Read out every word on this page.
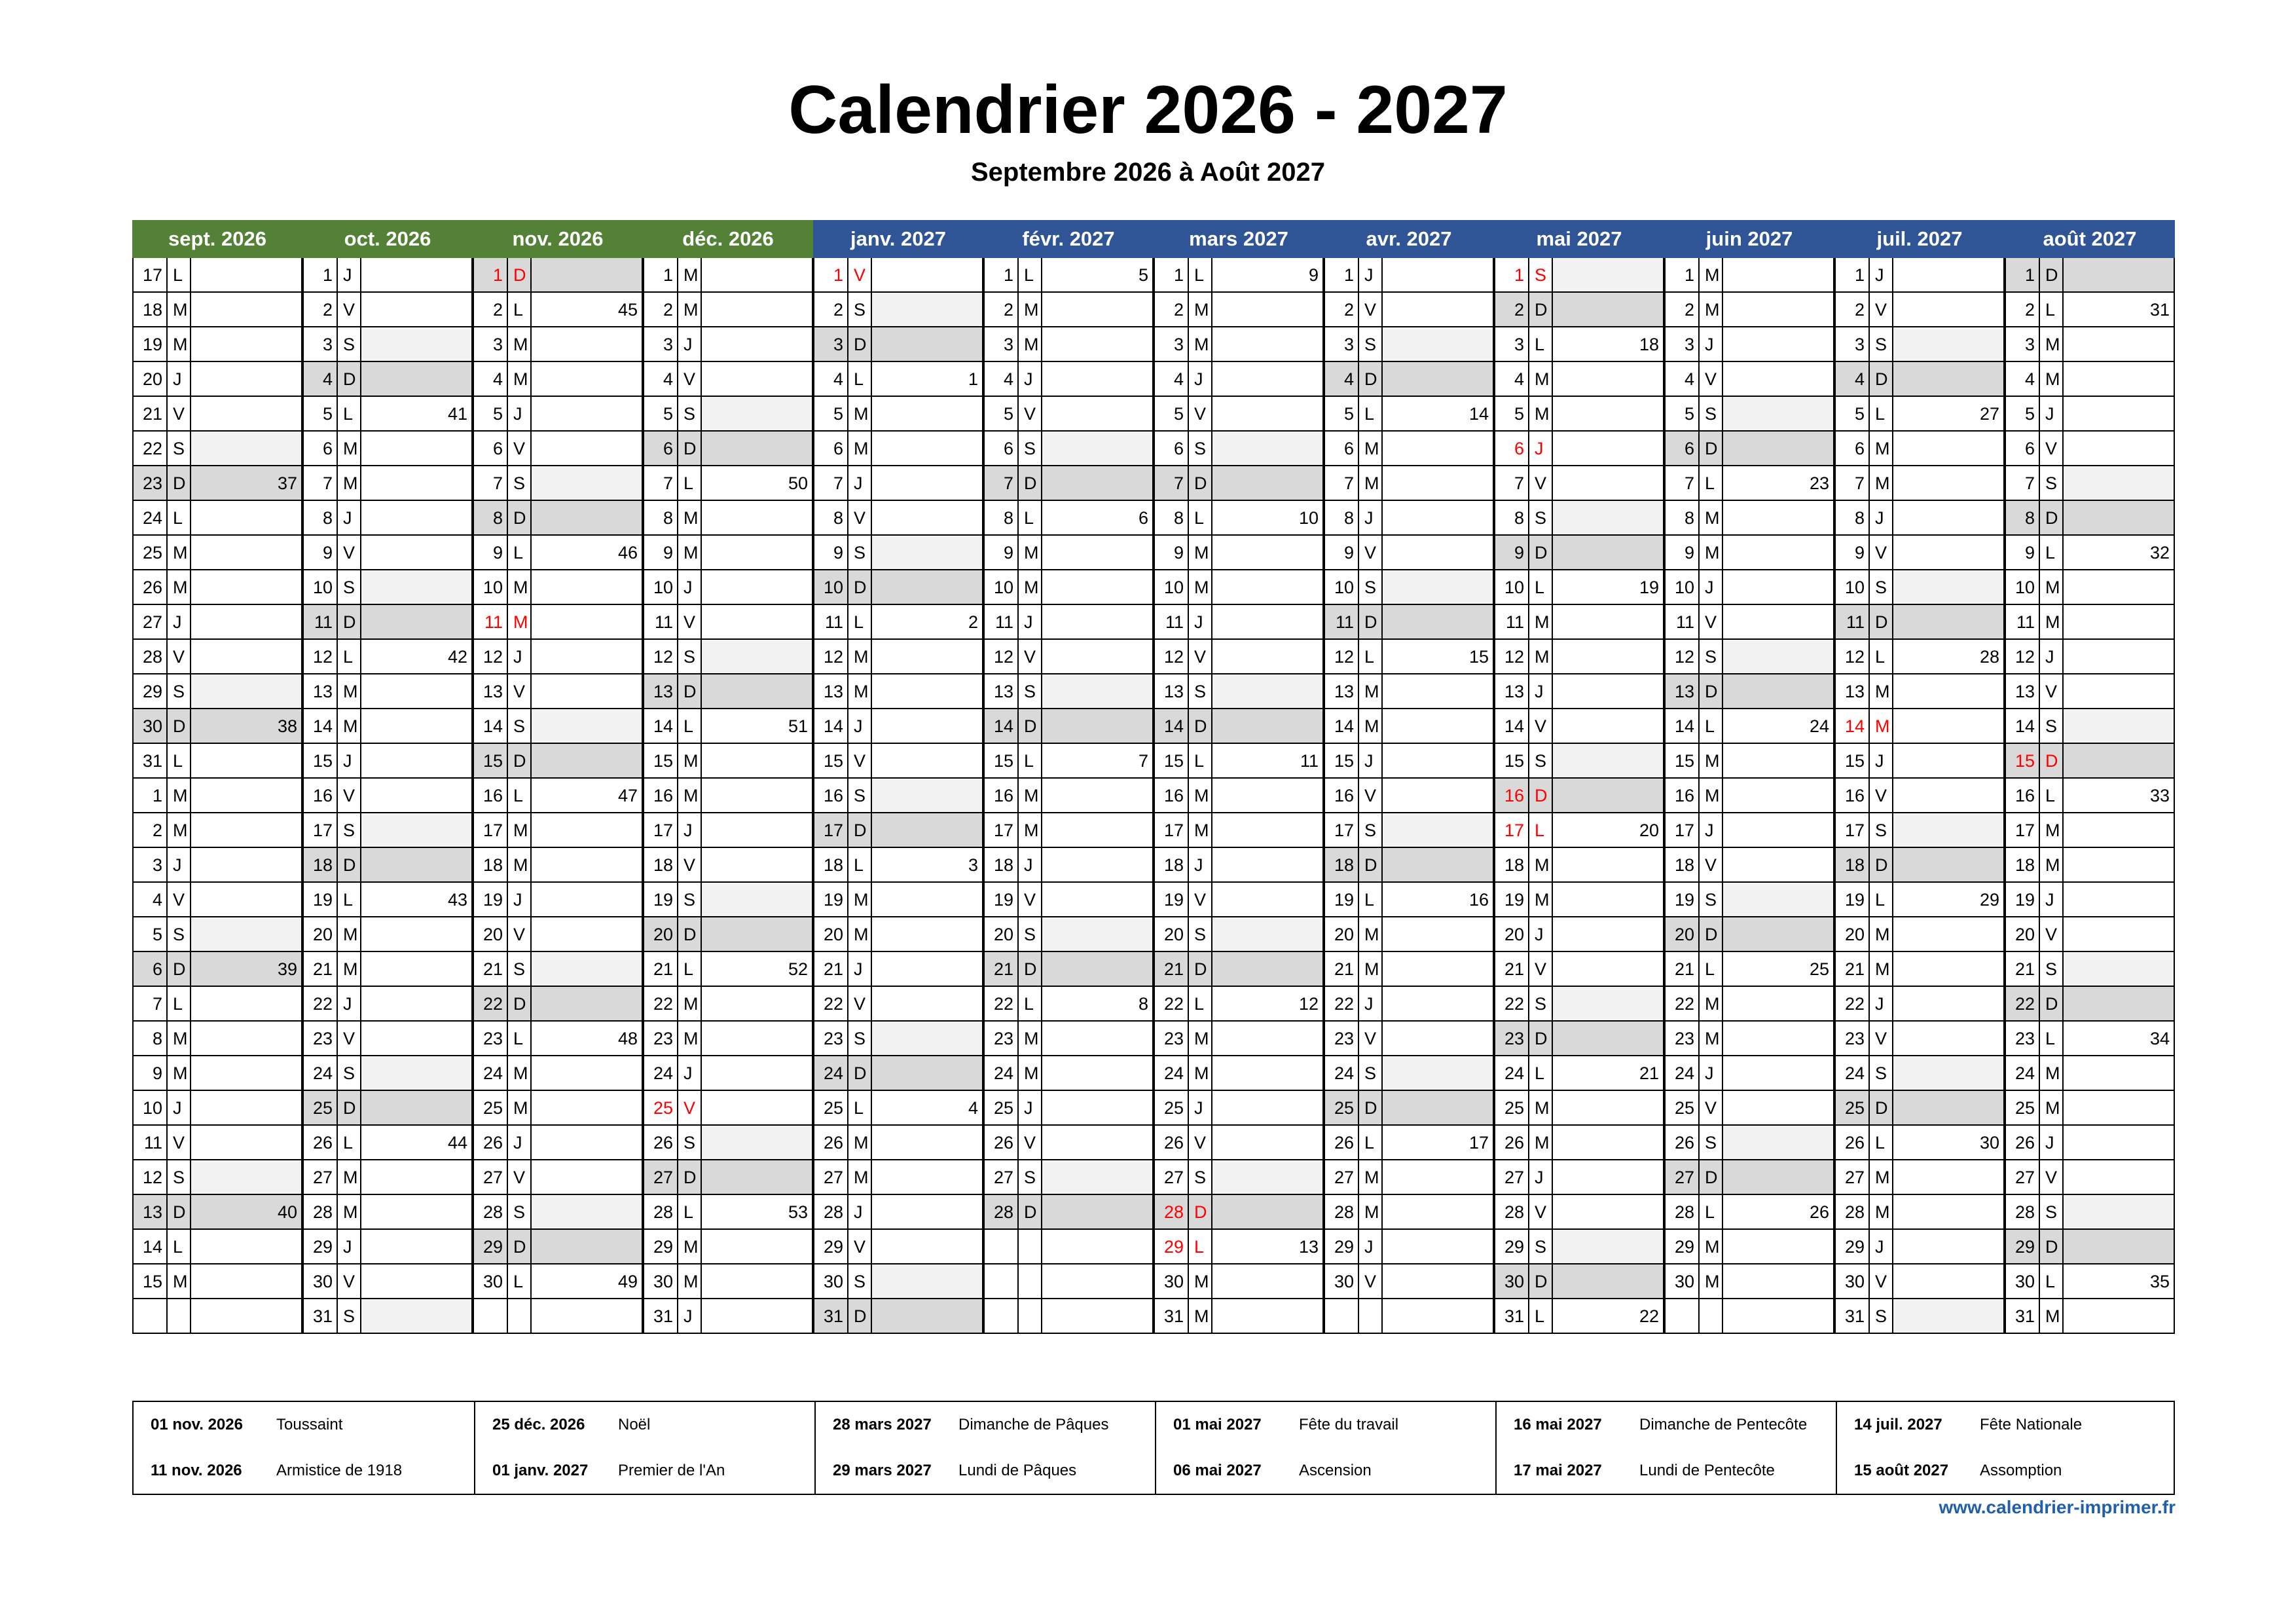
Calendrier 2026 - 2027
Septembre 2026 à Août 2027
sept. 2026
17 L
18 M
19 M
20 J
21 V
22 S
23 D	37
24 L
25 M
26 M
27 J
28 V
29 S
30 D	38
31 L
1 M
2 M
3 J
4 V
5 S
6 D	39
7 L
8 M
9 M
10 J
11 V
12 S
13 D	40
14 L
15 M
oct. 2026
1 J
2 V
3 S
4 D
5 L	41
6 M
7 M
8 J
9 V
10 S
11 D
12 L	42
13 M
14 M
15 J
16 V
17 S
18 D
19 L	43
20 M
21 M
22 J
23 V
24 S
25 D
26 L	44
27 M
28 M
29 J
30 V
31 S
nov. 2026
1 D
2 L	45
3 M
4 M
5 J
6 V
7 S
8 D
9 L	46
10 M
11 M
12 J
13 V
14 S
15 D
16 L	47
17 M
18 M
19 J
20 V
21 S
22 D
23 L	48
24 M
25 M
26 J
27 V
28 S
29 D
30 L	49
déc. 2026
1 M
2 M
3 J
4 V
5 S
6 D
7 L	50
8 M
9 M
10 J
11 V
12 S
13 D
14 L	51
15 M
16 M
17 J
18 V
19 S
20 D
21 L	52
22 M
23 M
24 J
25 V
26 S
27 D
28 L	53
29 M
30 M
31 J
janv. 2027
1 V
2 S
3 D
4 L	1
5 M
6 M
7 J
8 V
9 S
10 D
11 L	2
12 M
13 M
14 J
15 V
16 S
17 D
18 L	3
19 M
20 M
21 J
22 V
23 S
24 D
25 L	4
26 M
27 M
28 J
29 V
30 S
31 D
févr. 2027
1 L	5
2 M
3 M
4 J
5 V
6 S
7 D
8 L	6
9 M
10 M
11 J
12 V
13 S
14 D
15 L	7
16 M
17 M
18 J
19 V
20 S
21 D
22 L	8
23 M
24 M
25 J
26 V
27 S
28 D
mars 2027
1 L	9
2 M
3 M
4 J
5 V
6 S
7 D
8 L	10
9 M
10 M
11 J
12 V
13 S
14 D
15 L	11
16 M
17 M
18 J
19 V
20 S
21 D
22 L	12
23 M
24 M
25 J
26 V
27 S
28 D
29 L	13
30 M
31 M
avr. 2027
1 J
2 V
3 S
4 D
5 L	14
6 M
7 M
8 J
9 V
10 S
11 D
12 L	15
13 M
14 M
15 J
16 V
17 S
18 D
19 L	16
20 M
21 M
22 J
23 V
24 S
25 D
26 L	17
27 M
28 M
29 J
30 V
mai 2027
1 S
2 D
3 L	18
4 M
5 M
6 J
7 V
8 S
9 D
10 L	19
11 M
12 M
13 J
14 V
15 S
16 D
17 L	20
18 M
19 M
20 J
21 V
22 S
23 D
24 L	21
25 M
26 M
27 J
28 V
29 S
30 D
31 L	22
juin 2027
1 M
2 M
3 J
4 V
5 S
6 D
7 L	23
8 M
9 M
10 J
11 V
12 S
13 D
14 L	24
15 M
16 M
17 J
18 V
19 S
20 D
21 L	25
22 M
23 M
24 J
25 V
26 S
27 D
28 L	26
29 M
30 M
juil. 2027
1 J
2 V
3 S
4 D
5 L	27
6 M
7 M
8 J
9 V
10 S
11 D
12 L	28
13 M
14 M
15 J
16 V
17 S
18 D
19 L	29
20 M
21 M
22 J
23 V
24 S
25 D
26 L	30
27 M
28 M
29 J
30 V
31 S
août 2027
1 D
2 L	31
3 M
4 M
5 J
6 V
7 S
8 D
9 L	32
10 M
11 M
12 J
13 V
14 S
15 D
16 L	33
17 M
18 M
19 J
20 V
21 S
22 D
23 L	34
24 M
25 M
26 J
27 V
28 S
29 D
30 L	35
31 M
01 nov. 2026 Toussaint
11 nov. 2026 Armistice de 1918
25 déc. 2026 Noël
01 janv. 2027 Premier de l'An
28 mars 2027 Dimanche de Pâques
29 mars 2027 Lundi de Pâques
01 mai 2027 Fête du travail
06 mai 2027 Ascension
16 mai 2027 Dimanche de Pentecôte
17 mai 2027 Lundi de Pentecôte
14 juil. 2027 Fête Nationale
15 août 2027 Assomption
www.calendrier-imprimer.fr
